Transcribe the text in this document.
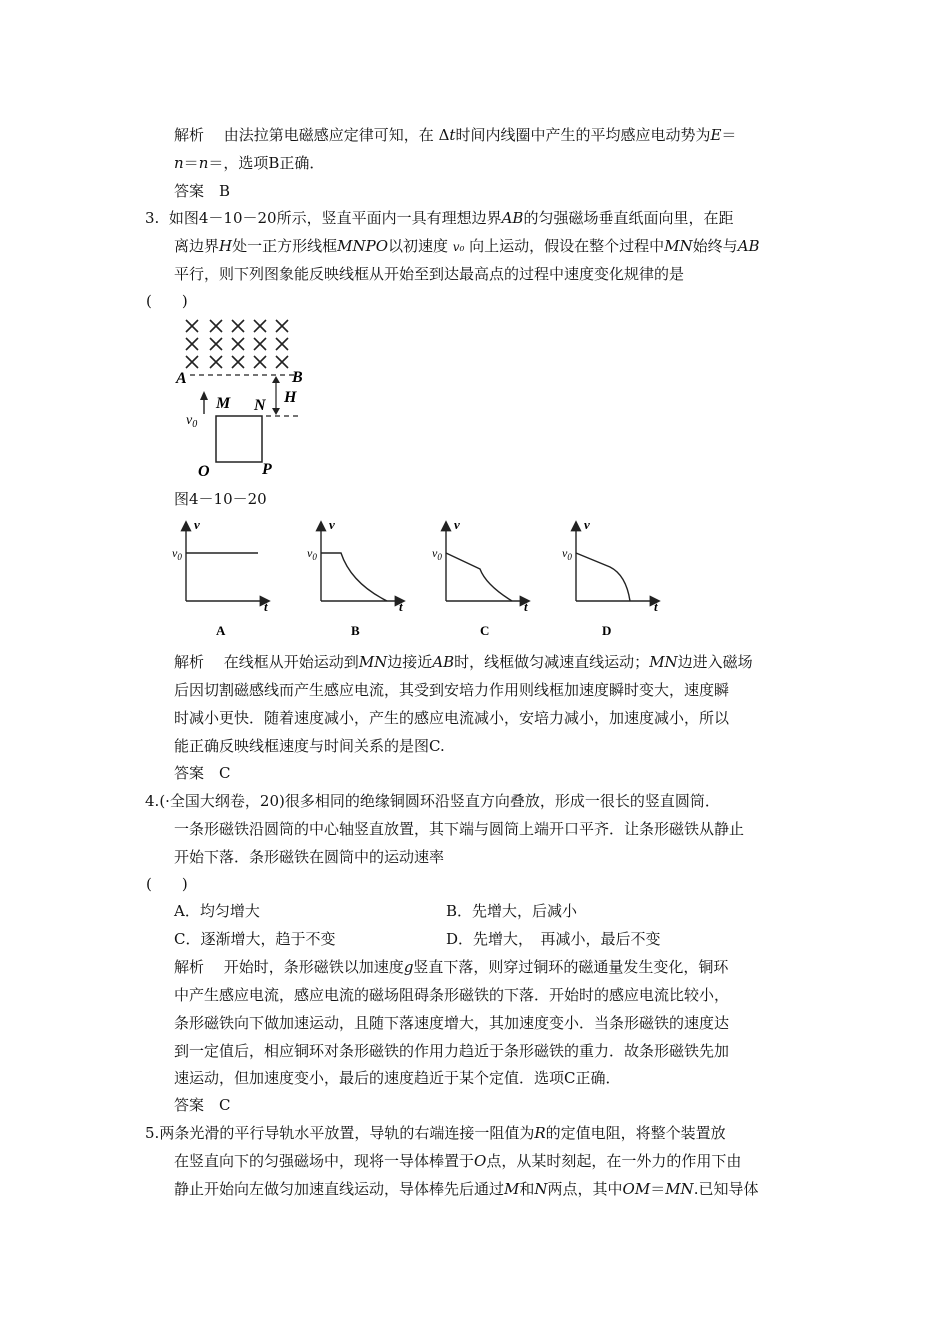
解析　 由法拉第电磁感应定律可知，在 Δt时间内线圈中产生的平均感应电动势为E＝
n＝n＝，选项B正确．
答案　 B
3. 如图4－10－20所示，竖直平面内一具有理想边界AB的匀强磁场垂直纸面向里，在距
离边界H处一正方形线框MNPO以初速度 v₀ 向上运动，假设在整个过程中MN始终与AB
平行，则下列图象能反映线框从开始至到达最高点的过程中速度变化规律的是
(　　)
A	B
H
M N
O	P
$v_0$
图4－10－20
v
t
$v_0$
A
v
t
$v_0$
B
v
t
$v_0$
C
v
t
$v_0$
D
解析　 在线框从开始运动到MN边接近AB时，线框做匀减速直线运动；MN边进入磁场
后因切割磁感线而产生感应电流，其受到安培力作用则线框加速度瞬时变大，速度瞬
时减小更快．随着速度减小，产生的感应电流减小，安培力减小，加速度减小，所以
能正确反映线框速度与时间关系的是图C.
答案　 C
4.(·全国大纲卷，20)很多相同的绝缘铜圆环沿竖直方向叠放，形成一很长的竖直圆筒．
一条形磁铁沿圆筒的中心轴竖直放置，其下端与圆筒上端开口平齐．让条形磁铁从静止
开始下落．条形磁铁在圆筒中的运动速率
(　　)
A．均匀增大	B．先增大，后减小
C．逐渐增大，趋于不变	D．先增大，　再减小，最后不变
解析　 开始时，条形磁铁以加速度g竖直下落，则穿过铜环的磁通量发生变化，铜环
中产生感应电流，感应电流的磁场阻碍条形磁铁的下落．开始时的感应电流比较小，
条形磁铁向下做加速运动，且随下落速度增大，其加速度变小．当条形磁铁的速度达
到一定值后，相应铜环对条形磁铁的作用力趋近于条形磁铁的重力．故条形磁铁先加
速运动，但加速度变小，最后的速度趋近于某个定值．选项C正确．
答案　 C
5.两条光滑的平行导轨水平放置，导轨的右端连接一阻值为R的定值电阻，将整个装置放
在竖直向下的匀强磁场中，现将一导体棒置于O点，从某时刻起，在一外力的作用下由
静止开始向左做匀加速直线运动，导体棒先后通过M和N两点，其中OM＝MN.已知导体
